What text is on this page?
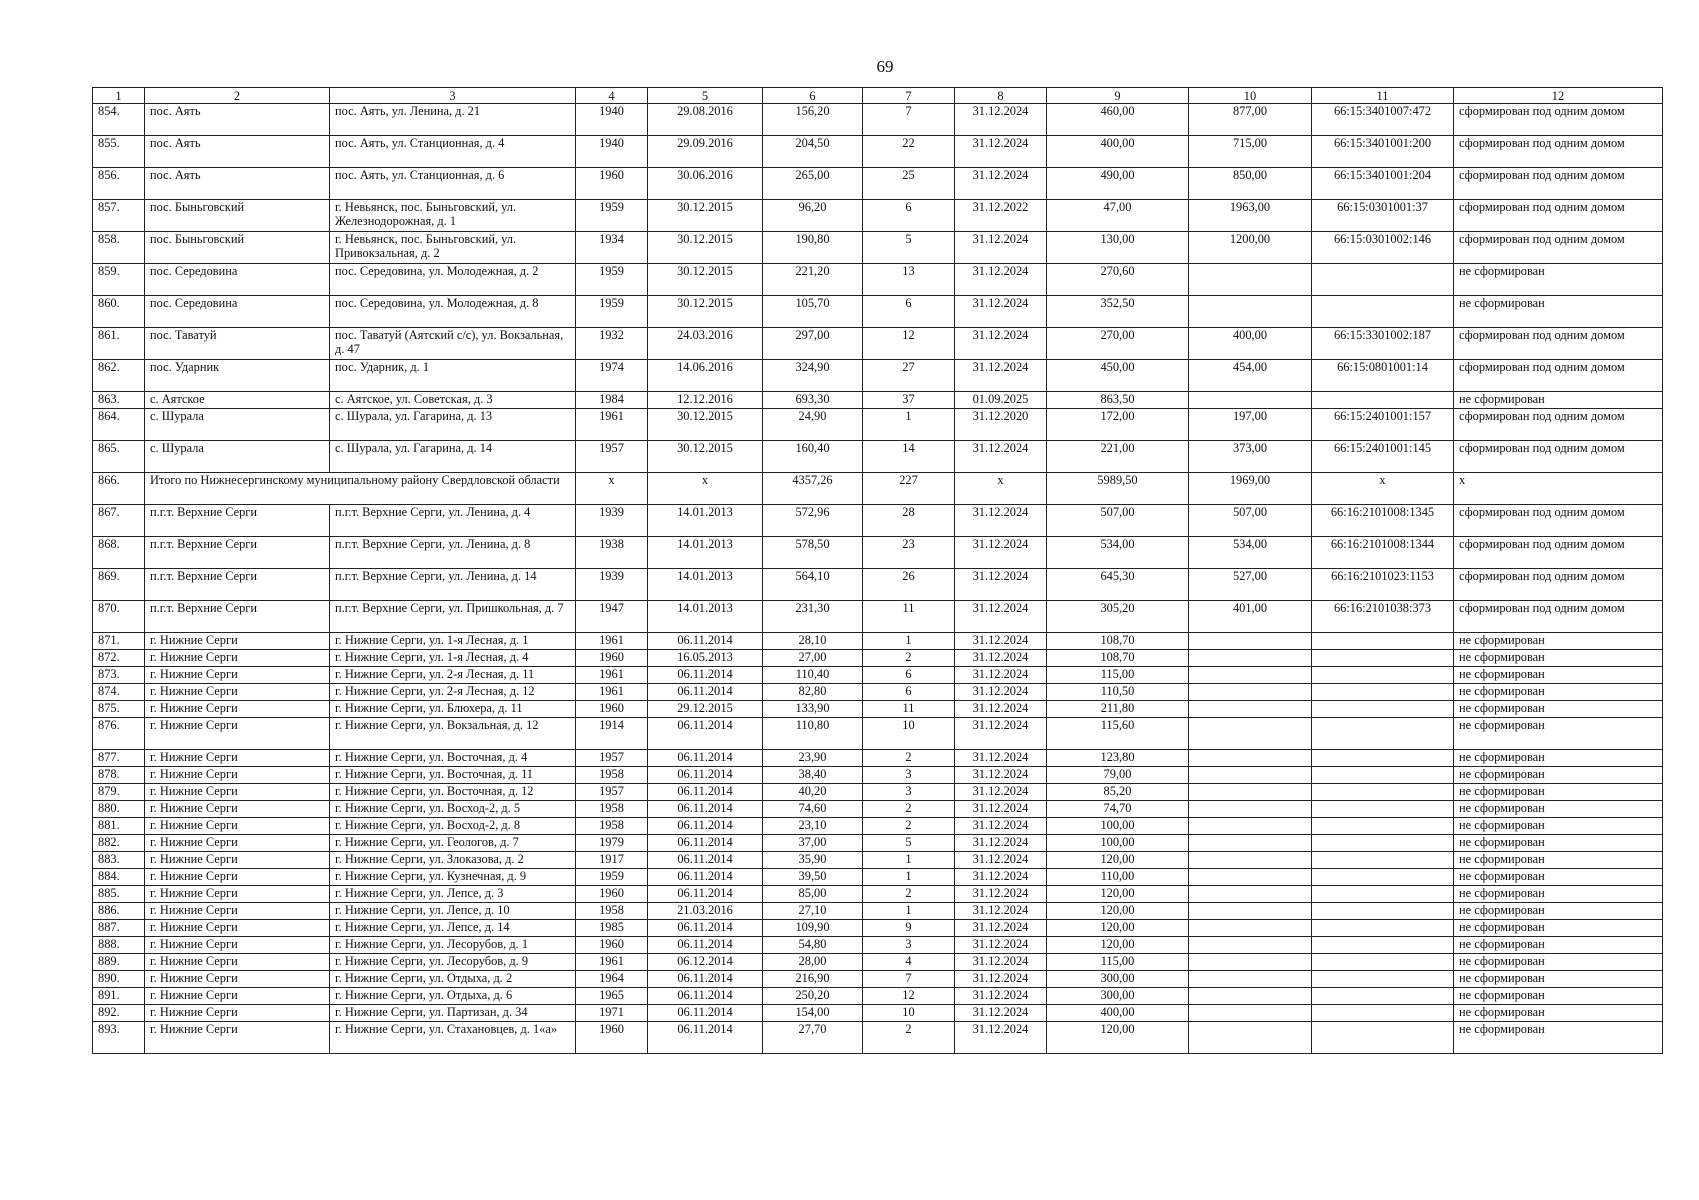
69
1	2	3	4	5	6	7	8	9	10	11	12
854.	пос. Аять	пос. Аять, ул. Ленина, д. 21	1940	29.08.2016	156,20	7	31.12.2024	460,00	877,00	66:15:3401007:472	сформирован под одним домом
855.	пос. Аять	пос. Аять, ул. Станционная, д. 4	1940	29.09.2016	204,50	22	31.12.2024	400,00	715,00	66:15:3401001:200	сформирован под одним домом
856.	пос. Аять	пос. Аять, ул. Станционная, д. 6	1960	30.06.2016	265,00	25	31.12.2024	490,00	850,00	66:15:3401001:204	сформирован под одним домом
857.	пос. Быньговский	г. Невьянск, пос. Быньговский, ул. Железнодорожная, д. 1	1959	30.12.2015	96,20	6	31.12.2022	47,00	1963,00	66:15:0301001:37	сформирован под одним домом
858.	пос. Быньговский	г. Невьянск, пос. Быньговский, ул. Привокзальная, д. 2	1934	30.12.2015	190,80	5	31.12.2024	130,00	1200,00	66:15:0301002:146	сформирован под одним домом
859.	пос. Середовина	пос. Середовина, ул. Молодежная, д. 2	1959	30.12.2015	221,20	13	31.12.2024	270,60			не сформирован
860.	пос. Середовина	пос. Середовина, ул. Молодежная, д. 8	1959	30.12.2015	105,70	6	31.12.2024	352,50			не сформирован
861.	пос. Таватуй	пос. Таватуй (Аятский с/с), ул. Вокзальная, д. 47	1932	24.03.2016	297,00	12	31.12.2024	270,00	400,00	66:15:3301002:187	сформирован под одним домом
862.	пос. Ударник	пос. Ударник, д. 1	1974	14.06.2016	324,90	27	31.12.2024	450,00	454,00	66:15:0801001:14	сформирован под одним домом
863.	с. Аятское	с. Аятское, ул. Советская, д. 3	1984	12.12.2016	693,30	37	01.09.2025	863,50			не сформирован
864.	с. Шурала	с. Шурала, ул. Гагарина, д. 13	1961	30.12.2015	24,90	1	31.12.2020	172,00	197,00	66:15:2401001:157	сформирован под одним домом
865.	с. Шурала	с. Шурала, ул. Гагарина, д. 14	1957	30.12.2015	160,40	14	31.12.2024	221,00	373,00	66:15:2401001:145	сформирован под одним домом
866.	Итого по Нижнесергинскому муниципальному району Свердловской области		x	x	4357,26	227	x	5989,50	1969,00	x	x
867.	п.г.т. Верхние Серги	п.г.т. Верхние Серги, ул. Ленина, д. 4	1939	14.01.2013	572,96	28	31.12.2024	507,00	507,00	66:16:2101008:1345	сформирован под одним домом
868.	п.г.т. Верхние Серги	п.г.т. Верхние Серги, ул. Ленина, д. 8	1938	14.01.2013	578,50	23	31.12.2024	534,00	534,00	66:16:2101008:1344	сформирован под одним домом
869.	п.г.т. Верхние Серги	п.г.т. Верхние Серги, ул. Ленина, д. 14	1939	14.01.2013	564,10	26	31.12.2024	645,30	527,00	66:16:2101023:1153	сформирован под одним домом
870.	п.г.т. Верхние Серги	п.г.т. Верхние Серги, ул. Пришкольная, д. 7	1947	14.01.2013	231,30	11	31.12.2024	305,20	401,00	66:16:2101038:373	сформирован под одним домом
871.	г. Нижние Серги	г. Нижние Серги, ул. 1-я Лесная, д. 1	1961	06.11.2014	28,10	1	31.12.2024	108,70			не сформирован
872.	г. Нижние Серги	г. Нижние Серги, ул. 1-я Лесная, д. 4	1960	16.05.2013	27,00	2	31.12.2024	108,70			не сформирован
873.	г. Нижние Серги	г. Нижние Серги, ул. 2-я Лесная, д. 11	1961	06.11.2014	110,40	6	31.12.2024	115,00			не сформирован
874.	г. Нижние Серги	г. Нижние Серги, ул. 2-я Лесная, д. 12	1961	06.11.2014	82,80	6	31.12.2024	110,50			не сформирован
875.	г. Нижние Серги	г. Нижние Серги, ул. Блюхера, д. 11	1960	29.12.2015	133,90	11	31.12.2024	211,80			не сформирован
876.	г. Нижние Серги	г. Нижние Серги, ул. Вокзальная, д. 12	1914	06.11.2014	110,80	10	31.12.2024	115,60			не сформирован
877.	г. Нижние Серги	г. Нижние Серги, ул. Восточная, д. 4	1957	06.11.2014	23,90	2	31.12.2024	123,80			не сформирован
878.	г. Нижние Серги	г. Нижние Серги, ул. Восточная, д. 11	1958	06.11.2014	38,40	3	31.12.2024	79,00			не сформирован
879.	г. Нижние Серги	г. Нижние Серги, ул. Восточная, д. 12	1957	06.11.2014	40,20	3	31.12.2024	85,20			не сформирован
880.	г. Нижние Серги	г. Нижние Серги, ул. Восход-2, д. 5	1958	06.11.2014	74,60	2	31.12.2024	74,70			не сформирован
881.	г. Нижние Серги	г. Нижние Серги, ул. Восход-2, д. 8	1958	06.11.2014	23,10	2	31.12.2024	100,00			не сформирован
882.	г. Нижние Серги	г. Нижние Серги, ул. Геологов, д. 7	1979	06.11.2014	37,00	5	31.12.2024	100,00			не сформирован
883.	г. Нижние Серги	г. Нижние Серги, ул. Злоказова, д. 2	1917	06.11.2014	35,90	1	31.12.2024	120,00			не сформирован
884.	г. Нижние Серги	г. Нижние Серги, ул. Кузнечная, д. 9	1959	06.11.2014	39,50	1	31.12.2024	110,00			не сформирован
885.	г. Нижние Серги	г. Нижние Серги, ул. Лепсе, д. 3	1960	06.11.2014	85,00	2	31.12.2024	120,00			не сформирован
886.	г. Нижние Серги	г. Нижние Серги, ул. Лепсе, д. 10	1958	21.03.2016	27,10	1	31.12.2024	120,00			не сформирован
887.	г. Нижние Серги	г. Нижние Серги, ул. Лепсе, д. 14	1985	06.11.2014	109,90	9	31.12.2024	120,00			не сформирован
888.	г. Нижние Серги	г. Нижние Серги, ул. Лесорубов, д. 1	1960	06.11.2014	54,80	3	31.12.2024	120,00			не сформирован
889.	г. Нижние Серги	г. Нижние Серги, ул. Лесорубов, д. 9	1961	06.12.2014	28,00	4	31.12.2024	115,00			не сформирован
890.	г. Нижние Серги	г. Нижние Серги, ул. Отдыха, д. 2	1964	06.11.2014	216,90	7	31.12.2024	300,00			не сформирован
891.	г. Нижние Серги	г. Нижние Серги, ул. Отдыха, д. 6	1965	06.11.2014	250,20	12	31.12.2024	300,00			не сформирован
892.	г. Нижние Серги	г. Нижние Серги, ул. Партизан, д. 34	1971	06.11.2014	154,00	10	31.12.2024	400,00			не сформирован
893.	г. Нижние Серги	г. Нижние Серги, ул. Стахановцев, д. 1«а»	1960	06.11.2014	27,70	2	31.12.2024	120,00			не сформирован
